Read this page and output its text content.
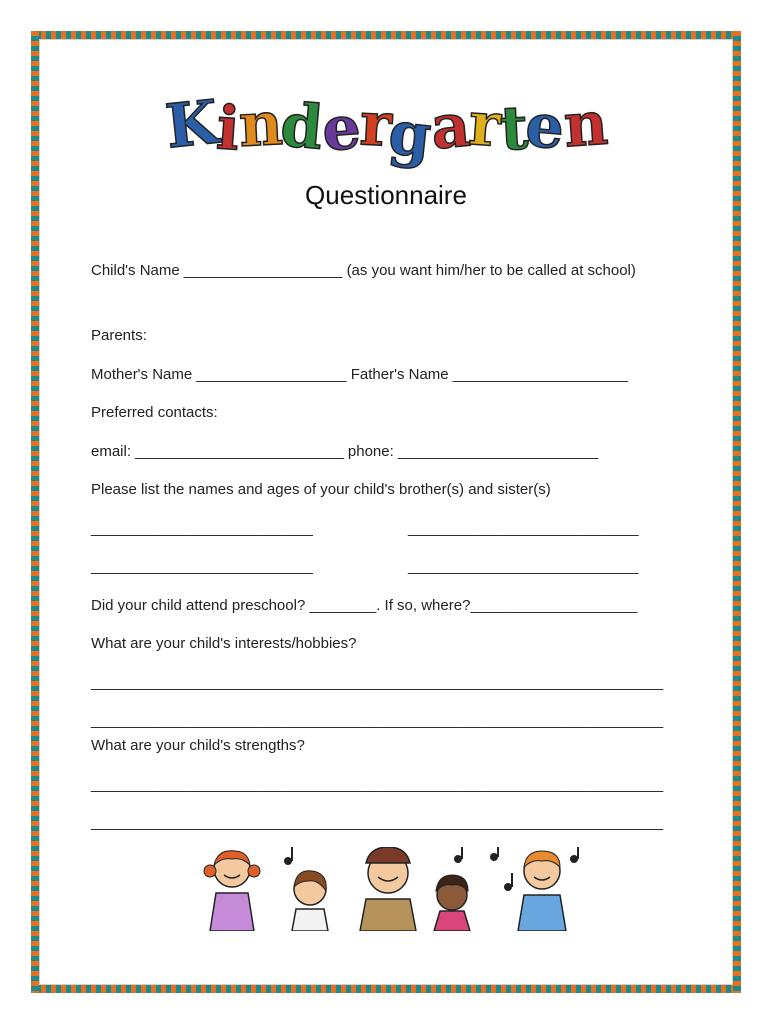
Kindergarten
Questionnaire
Child's Name ___________________ (as you want him/her to be called at school)
Parents:
Mother's Name __________________ Father's Name _____________________
Preferred contacts:
email: _________________________ phone: ________________________
Please list the names and ages of your child's brother(s) and sister(s)
__________________________	___________________________
__________________________	___________________________
Did your child attend preschool? ________. If so, where?____________________
What are your child's interests/hobbies?
___________________________________________________________________
___________________________________________________________________
What are your child's strengths?
___________________________________________________________________
___________________________________________________________________
